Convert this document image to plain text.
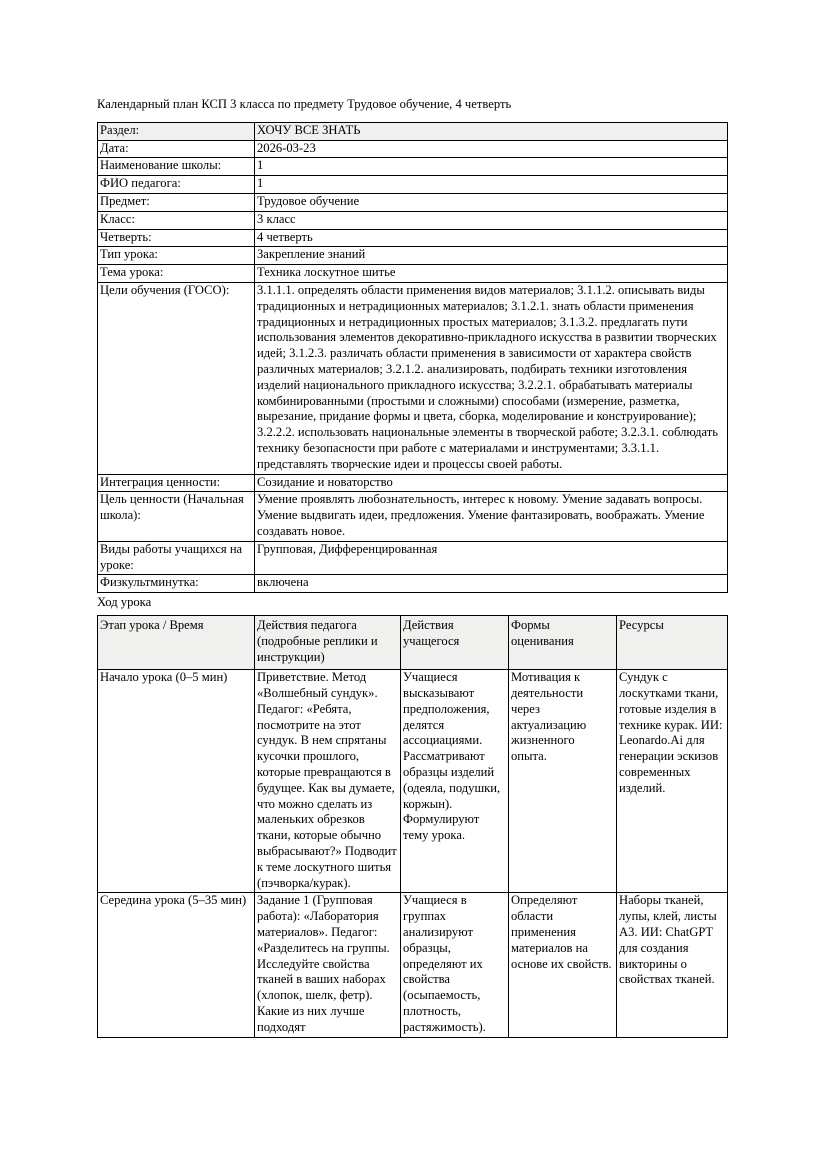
Календарный план КСП 3 класса по предмету Трудовое обучение, 4 четверть

Раздел:	ХОЧУ ВСЕ ЗНАТЬ
Дата:	2026-03-23
Наименование школы:	1
ФИО педагога:	1
Предмет:	Трудовое обучение
Класс:	3 класс
Четверть:	4 четверть
Тип урока:	Закрепление знаний
Тема урока:	Техника лоскутное шитье
Цели обучения (ГОСО):	3.1.1.1. определять области применения видов материалов; 3.1.1.2. описывать виды традиционных и нетрадиционных материалов; 3.1.2.1. знать области применения традиционных и нетрадиционных простых материалов; 3.1.3.2. предлагать пути использования элементов декоративно-прикладного искусства в развитии творческих идей; 3.1.2.3. различать области применения в зависимости от характера свойств различных материалов; 3.2.1.2. анализировать, подбирать техники изготовления изделий национального прикладного искусства; 3.2.2.1. обрабатывать материалы комбинированными (простыми и сложными) способами (измерение, разметка, вырезание, придание формы и цвета, сборка, моделирование и конструирование); 3.2.2.2. использовать национальные элементы в творческой работе; 3.2.3.1. соблюдать технику безопасности при работе с материалами и инструментами; 3.3.1.1. представлять творческие идеи и процессы своей работы.
Интеграция ценности:	Созидание и новаторство
Цель ценности (Начальная школа):	Умение проявлять любознательность, интерес к новому. Умение задавать вопросы. Умение выдвигать идеи, предложения. Умение фантазировать, воображать. Умение создавать новое.
Виды работы учащихся на уроке:	Групповая, Дифференцированная
Физкультминутка:	включена

Ход урока

Этап урока / Время	Действия педагога (подробные реплики и инструкции)	Действия учащегося	Формы оценивания	Ресурсы
Начало урока (0–5 мин)	Приветствие. Метод «Волшебный сундук». Педагог: «Ребята, посмотрите на этот сундук. В нем спрятаны кусочки прошлого, которые превращаются в будущее. Как вы думаете, что можно сделать из маленьких обрезков ткани, которые обычно выбрасывают?» Подводит к теме лоскутного шитья (пэчворка/курак).	Учащиеся высказывают предположения, делятся ассоциациями. Рассматривают образцы изделий (одеяла, подушки, коржын). Формулируют тему урока.	Мотивация к деятельности через актуализацию жизненного опыта.	Сундук с лоскутками ткани, готовые изделия в технике курак. ИИ: Leonardo.Ai для генерации эскизов современных изделий.
Середина урока (5–35 мин)	Задание 1 (Групповая работа): «Лаборатория материалов». Педагог: «Разделитесь на группы. Исследуйте свойства тканей в ваших наборах (хлопок, шелк, фетр). Какие из них лучше подходят	Учащиеся в группах анализируют образцы, определяют их свойства (осыпаемость, плотность, растяжимость).	Определяют области применения материалов на основе их свойств.	Наборы тканей, лупы, клей, листы А3. ИИ: ChatGPT для создания викторины о свойствах тканей.
